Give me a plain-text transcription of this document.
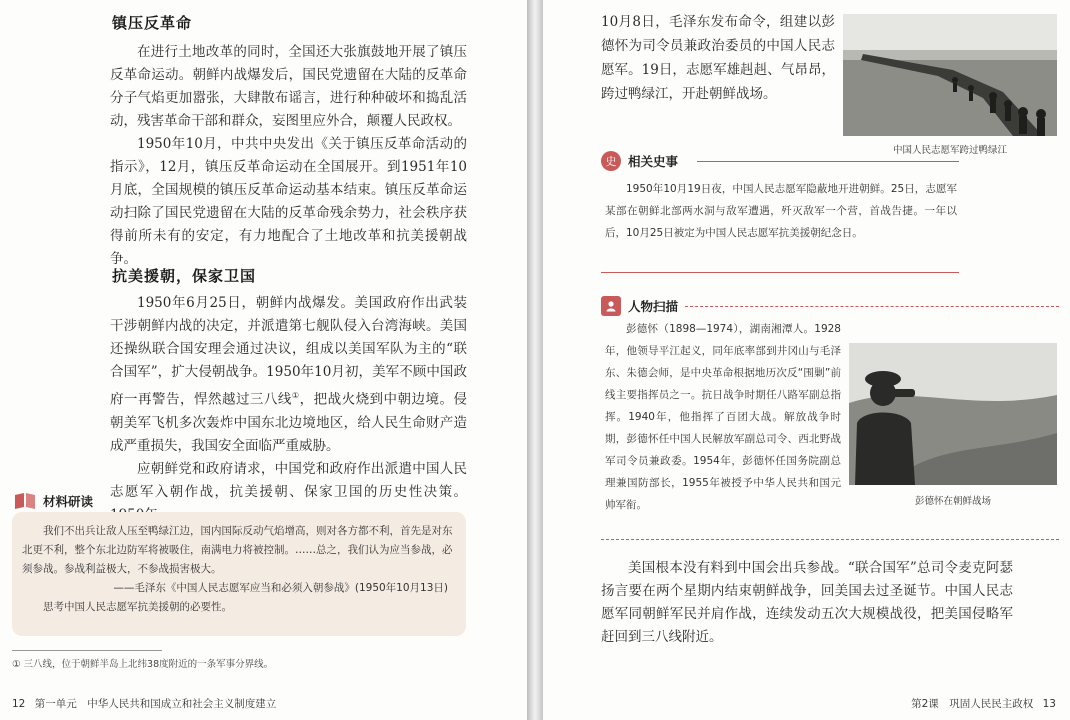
镇压反革命

在进行土地改革的同时，全国还大张旗鼓地开展了镇压反革命运动。朝鲜内战爆发后，国民党遗留在大陆的反革命分子气焰更加嚣张，大肆散布谣言，进行种种破坏和捣乱活动，残害革命干部和群众，妄图里应外合，颠覆人民政权。

1950年10月，中共中央发出《关于镇压反革命活动的指示》，12月，镇压反革命运动在全国展开。到1951年10月底，全国规模的镇压反革命运动基本结束。镇压反革命运动扫除了国民党遗留在大陆的反革命残余势力，社会秩序获得前所未有的安定，有力地配合了土地改革和抗美援朝战争。

抗美援朝，保家卫国

1950年6月25日，朝鲜内战爆发。美国政府作出武装干涉朝鲜内战的决定，并派遣第七舰队侵入台湾海峡。美国还操纵联合国安理会通过决议，组成以美国军队为主的“联合国军”，扩大侵朝战争。1950年10月初，美军不顾中国政府一再警告，悍然越过三八线①，把战火烧到中朝边境。侵朝美军飞机多次轰炸中国东北边境地区，给人民生命财产造成严重损失，我国安全面临严重威胁。

应朝鲜党和政府请求，中国党和政府作出派遣中国人民志愿军入朝作战，抗美援朝、保家卫国的历史性决策。

材料研读

我们不出兵让敌人压至鸭绿江边，国内国际反动气焰增高，则对各方都不利，首先是对东北更不利，整个东北边防军将被吸住，南满电力将被控制。……总之，我们认为应当参战，必须参战。参战利益极大，不参战损害极大。

——毛泽东《中国人民志愿军应当和必须入朝参战》(1950年10月13日)

思考中国人民志愿军抗美援朝的必要性。

① 三八线，位于朝鲜半岛上北纬38度附近的一条军事分界线。
12 第一单元　中华人民共和国成立和社会主义制度建立

10月8日，毛泽东发布命令，组建以彭德怀为司令员兼政治委员的中国人民志愿军。19日，志愿军雄赳赳、气昂昂，跨过鸭绿江，开赴朝鲜战场。

中国人民志愿军跨过鸭绿江
史 相关史事

1950年10月19日夜，中国人民志愿军隐蔽地开进朝鲜。25日，志愿军某部在朝鲜北部两水洞与敌军遭遇，歼灭敌军一个营，首战告捷。一年以后，10月25日被定为中国人民志愿军抗美援朝纪念日。

人物扫描

彭德怀（1898—1974），湖南湘潭人。1928年，他领导平江起义，同年底率部到井冈山与毛泽东、朱德会师，是中央革命根据地历次反“围剿”前线主要指挥员之一。抗日战争时期任八路军副总指挥。1940年，他指挥了百团大战。解放战争时期，彭德怀任中国人民解放军副总司令、西北野战军司令员兼政委。1954年，彭德怀任国务院副总理兼国防部长，1955年被授予中华人民共和国元帅军衔。	彭德怀在朝鲜战场

美国根本没有料到中国会出兵参战。“联合国军”总司令麦克阿瑟扬言要在两个星期内结束朝鲜战争，回美国去过圣诞节。中国人民志愿军同朝鲜军民并肩作战，连续发动五次大规模战役，把美国侵略军赶回到三八线附近。

第2课　巩固人民民主政权 13
